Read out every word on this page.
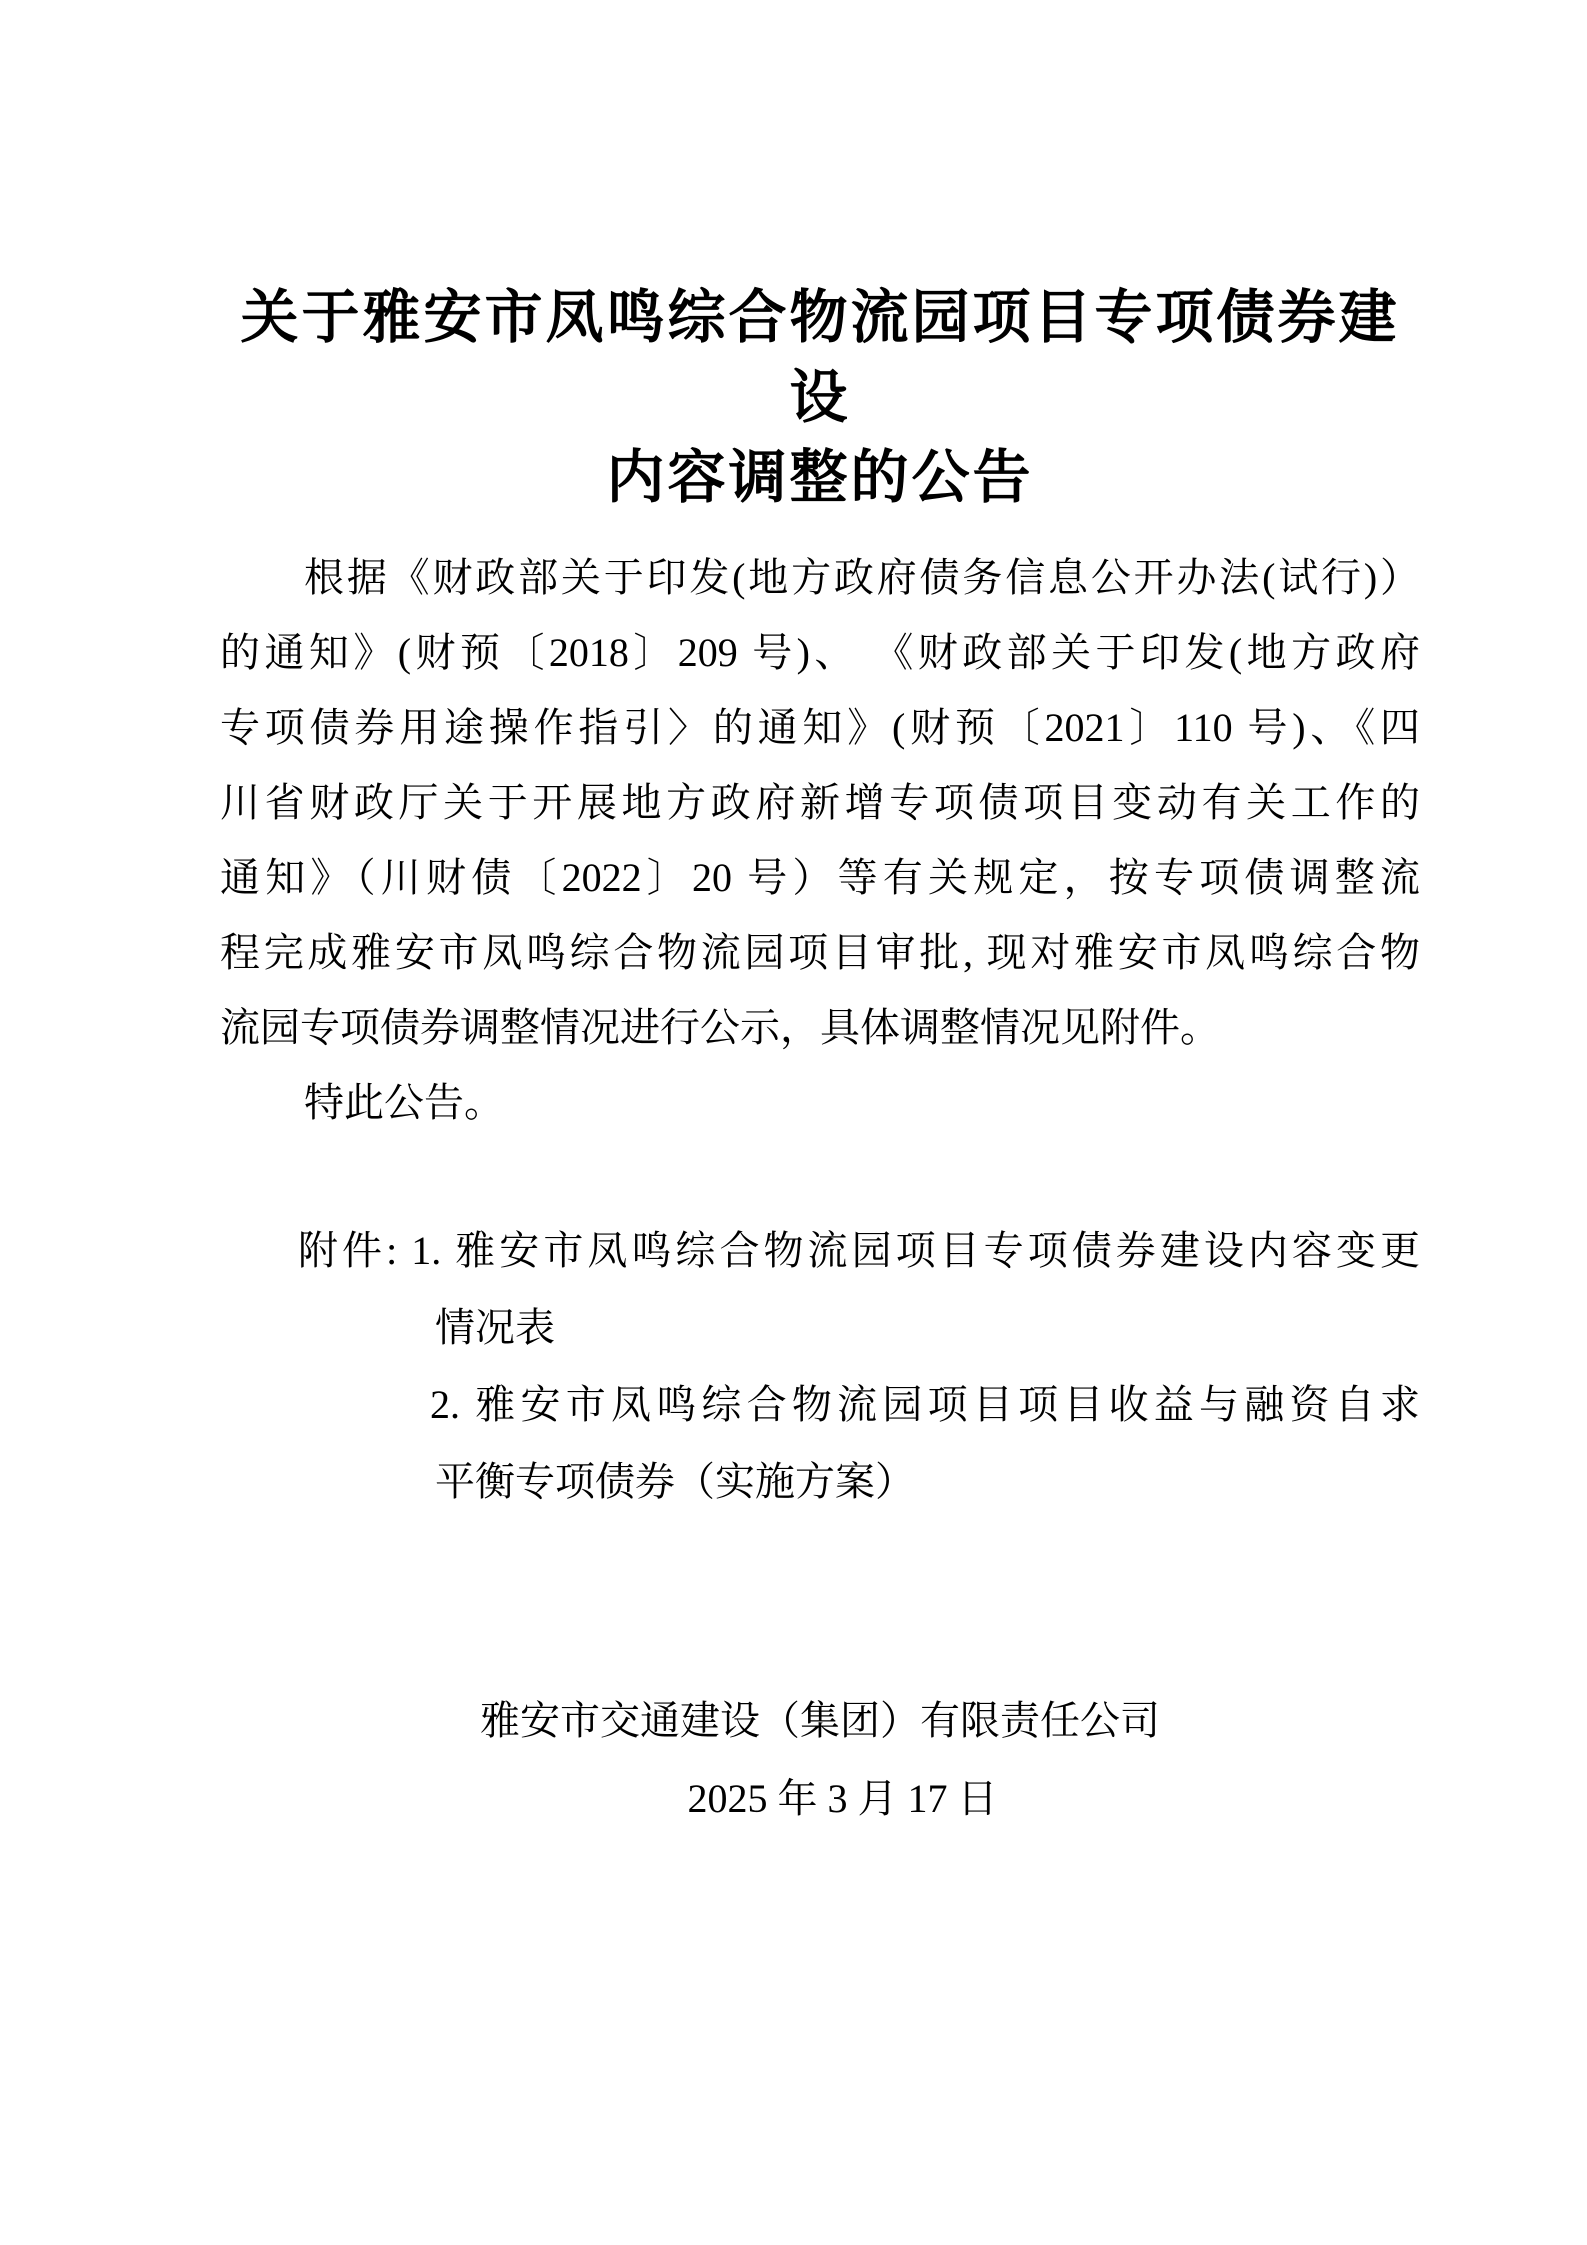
关于雅安市凤鸣综合物流园项目专项债券建设
内容调整的公告
根据《财政部关于印发(地方政府债务信息公开办法(试行)）
的通知》(财预〔2018〕209 号)、 《财政部关于印发(地方政府
专项债券用途操作指引〉的通知》(财预〔2021〕110 号)、《四
川省财政厅关于开展地方政府新增专项债项目变动有关工作的
通知》（川财债〔2022〕20 号）等有关规定，按专项债调整流
程完成雅安市凤鸣综合物流园项目审批, 现对雅安市凤鸣综合物
流园专项债券调整情况进行公示，具体调整情况见附件。
特此公告。
附件: 1. 雅安市凤鸣综合物流园项目专项债券建设内容变更
情况表
2. 雅安市凤鸣综合物流园项目项目收益与融资自求
平衡专项债券（实施方案）
雅安市交通建设（集团）有限责任公司
2025 年 3 月 17 日
